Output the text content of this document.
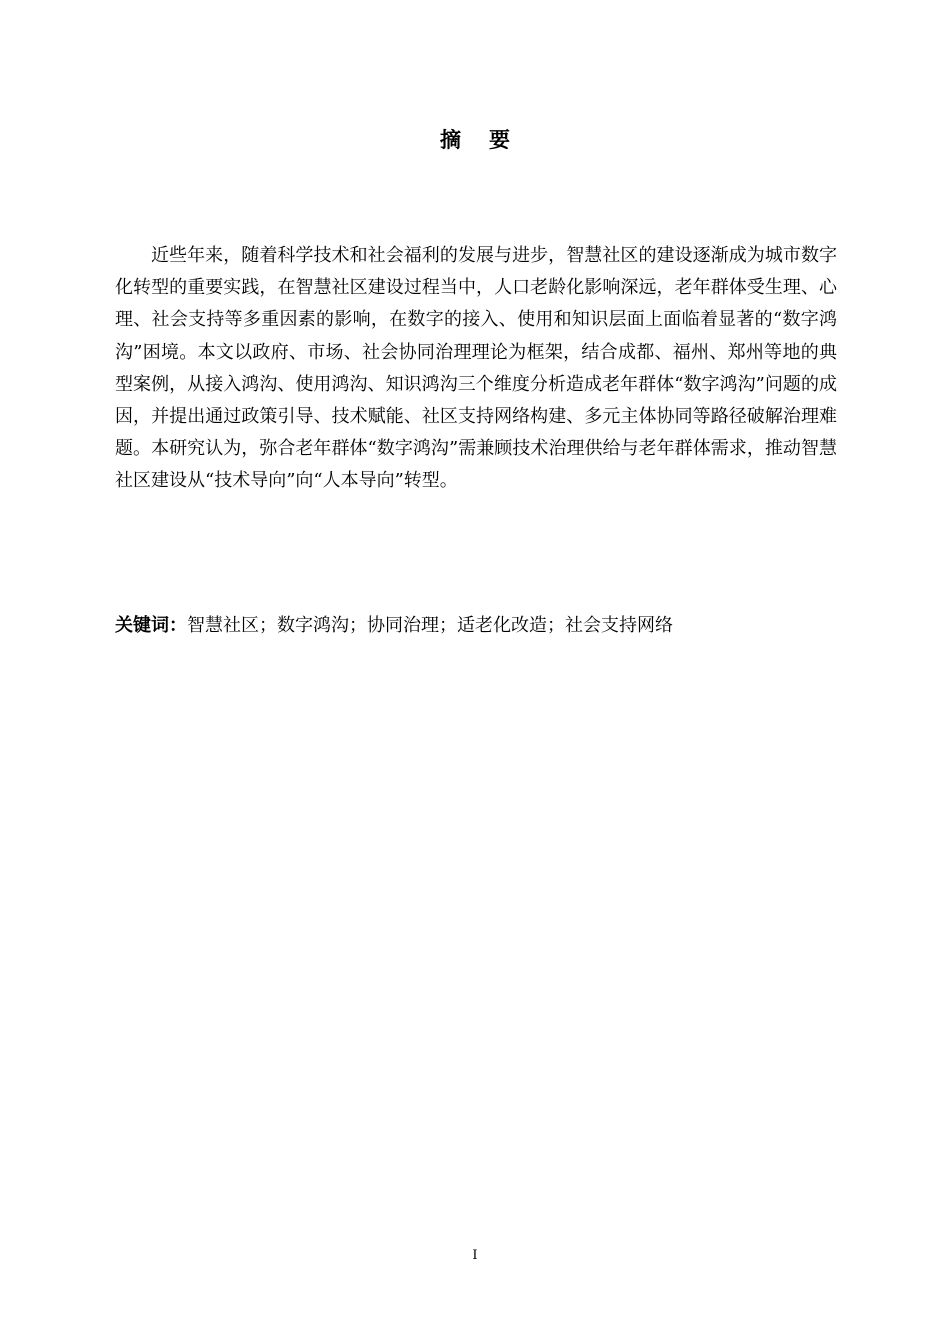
摘要

近些年来，随着科学技术和社会福利的发展与进步，智慧社区的建设逐渐成为城市数字化转型的重要实践，在智慧社区建设过程当中，人口老龄化影响深远，老年群体受生理、心理、社会支持等多重因素的影响，在数字的接入、使用和知识层面上面临着显著的“数字鸿沟”困境。本文以政府、市场、社会协同治理理论为框架，结合成都、福州、郑州等地的典型案例，从接入鸿沟、使用鸿沟、知识鸿沟三个维度分析造成老年群体“数字鸿沟”问题的成因，并提出通过政策引导、技术赋能、社区支持网络构建、多元主体协同等路径破解治理难题。本研究认为，弥合老年群体“数字鸿沟”需兼顾技术治理供给与老年群体需求，推动智慧社区建设从“技术导向”向“人本导向”转型。

关键词：智慧社区；数字鸿沟；协同治理；适老化改造；社会支持网络

I
